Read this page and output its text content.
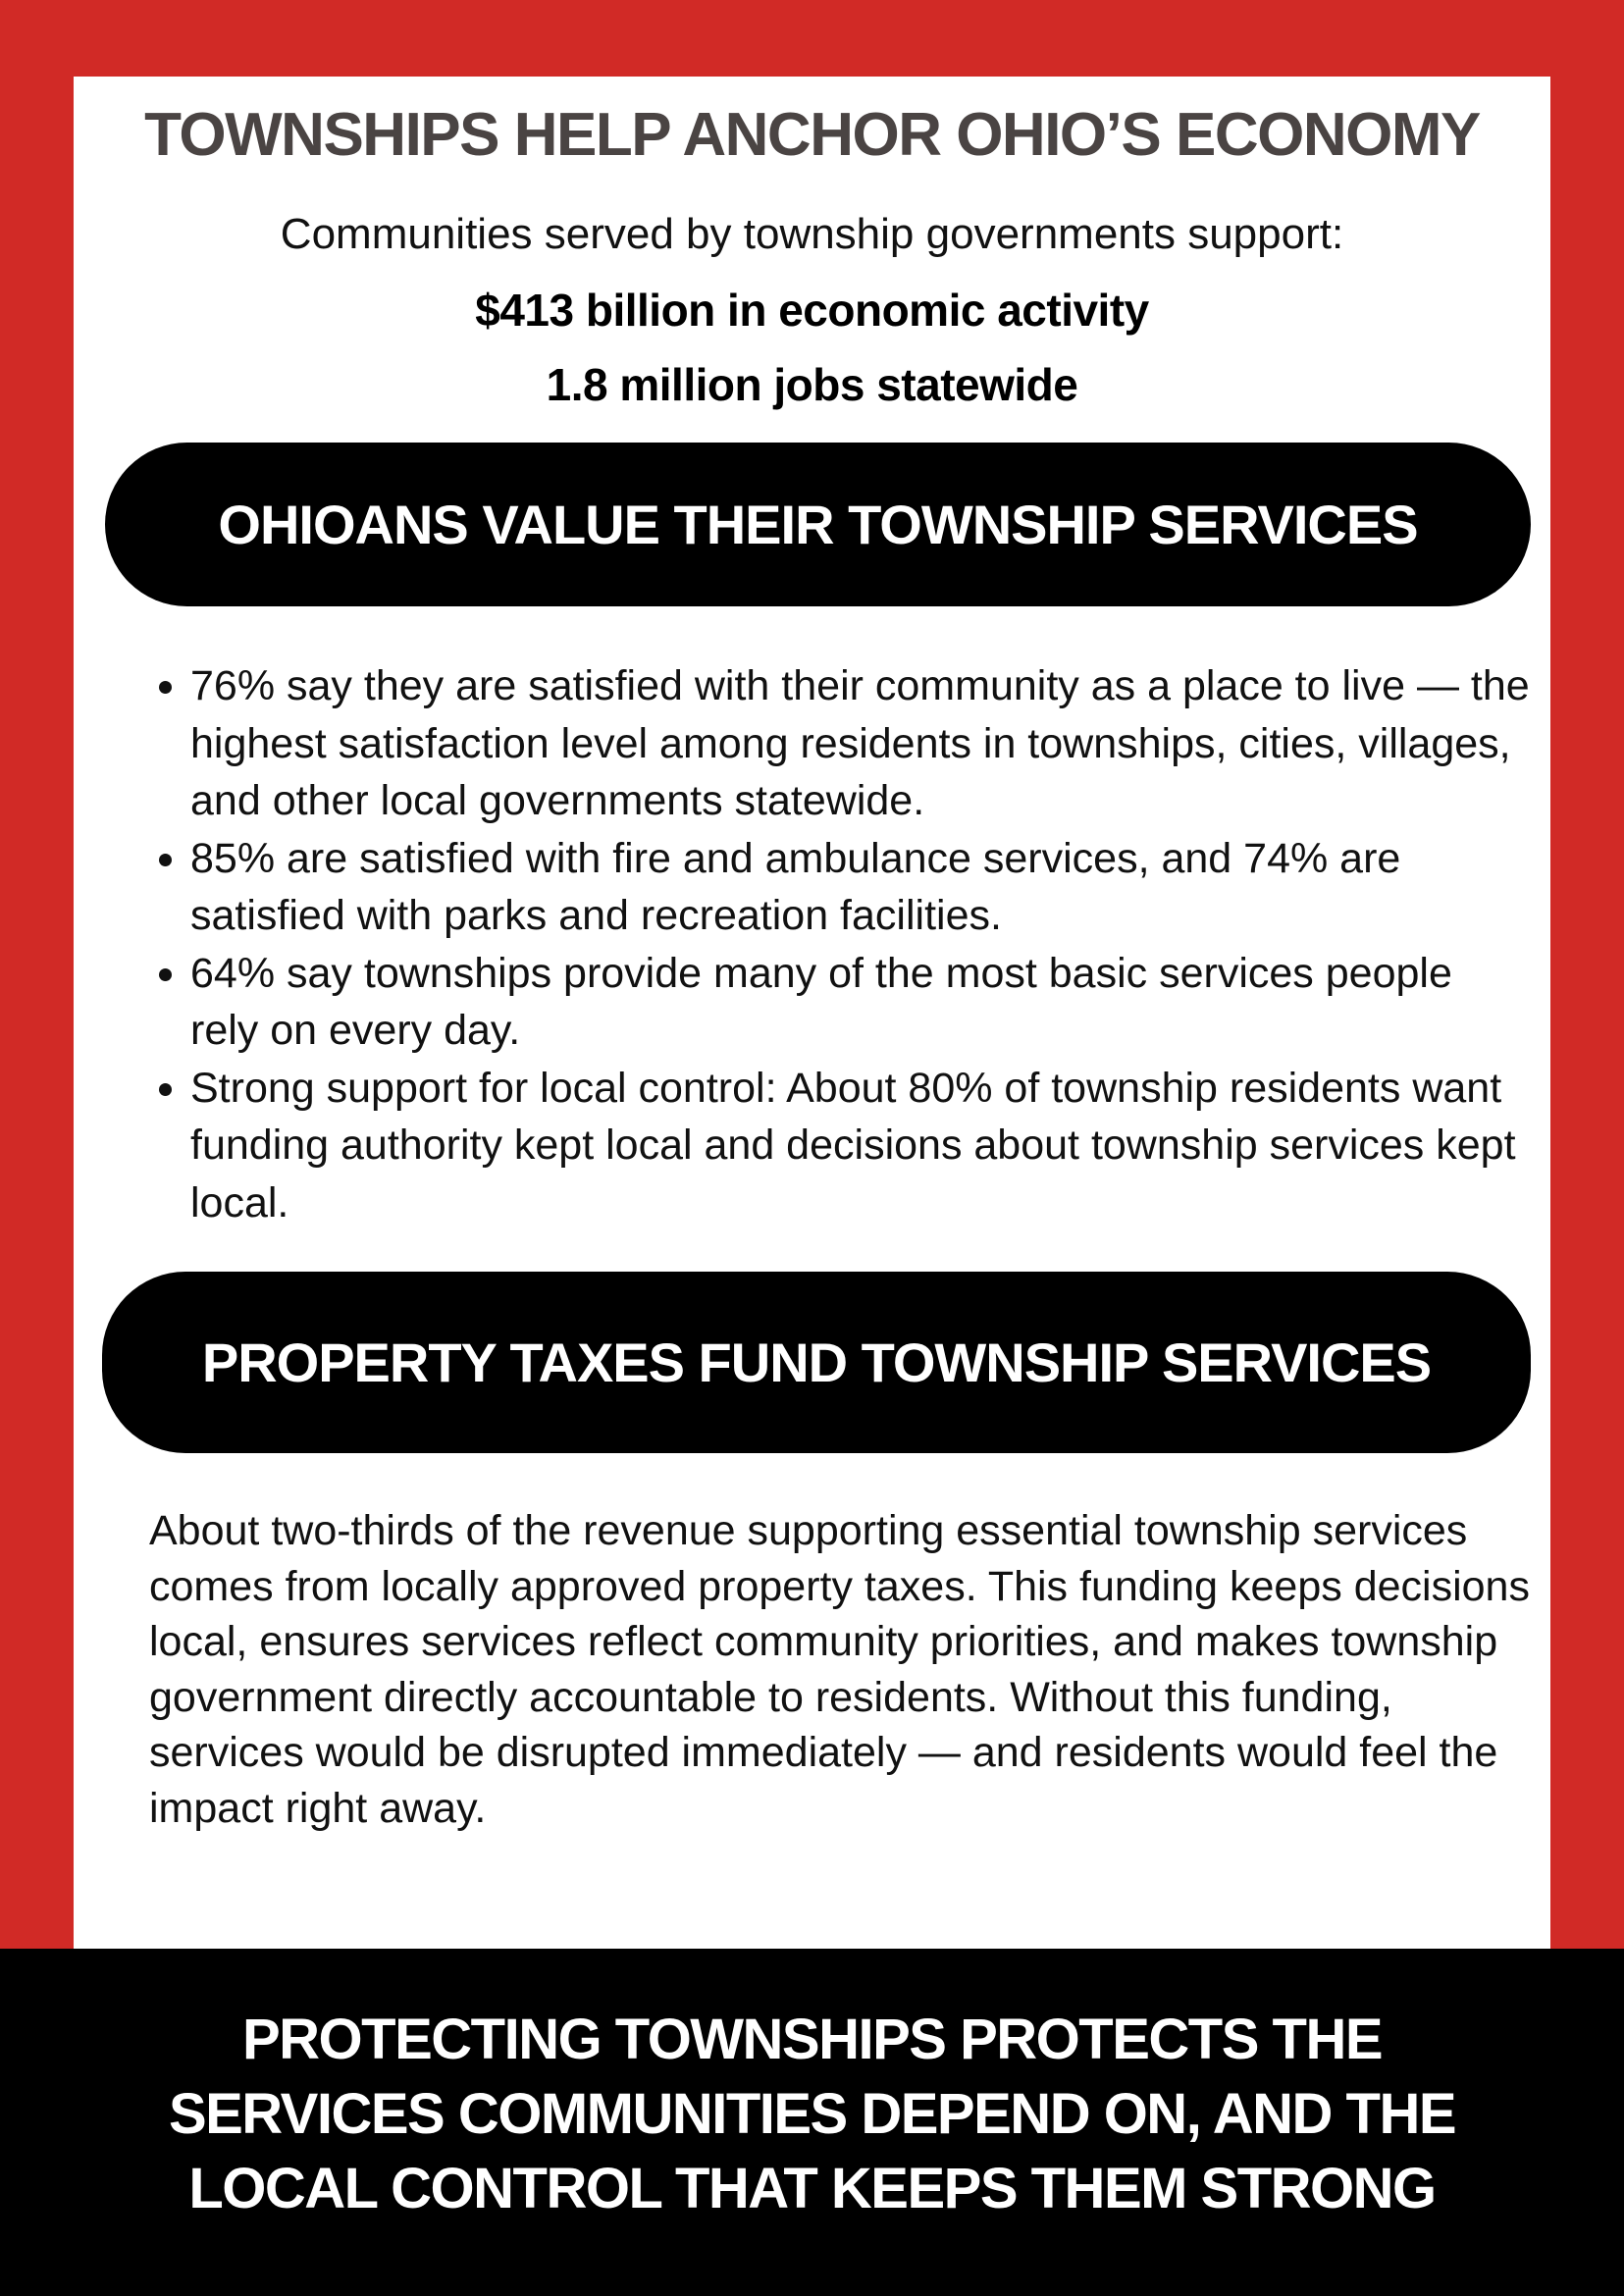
TOWNSHIPS HELP ANCHOR OHIO’S ECONOMY
Communities served by township governments support:
$413 billion in economic activity
1.8 million jobs statewide
OHIOANS VALUE THEIR TOWNSHIP SERVICES
• 76% say they are satisfied with their community as a place to live — the highest satisfaction level among residents in townships, cities, villages, and other local governments statewide.
• 85% are satisfied with fire and ambulance services, and 74% are satisfied with parks and recreation facilities.
• 64% say townships provide many of the most basic services people rely on every day.
• Strong support for local control: About 80% of township residents want funding authority kept local and decisions about township services kept local.
PROPERTY TAXES FUND TOWNSHIP SERVICES

About two-thirds of the revenue supporting essential township services comes from locally approved property taxes. This funding keeps decisions local, ensures services reflect community priorities, and makes township government directly accountable to residents. Without this funding, services would be disrupted immediately — and residents would feel the impact right away.

PROTECTING TOWNSHIPS PROTECTS THE
SERVICES COMMUNITIES DEPEND ON, AND THE
LOCAL CONTROL THAT KEEPS THEM STRONG
